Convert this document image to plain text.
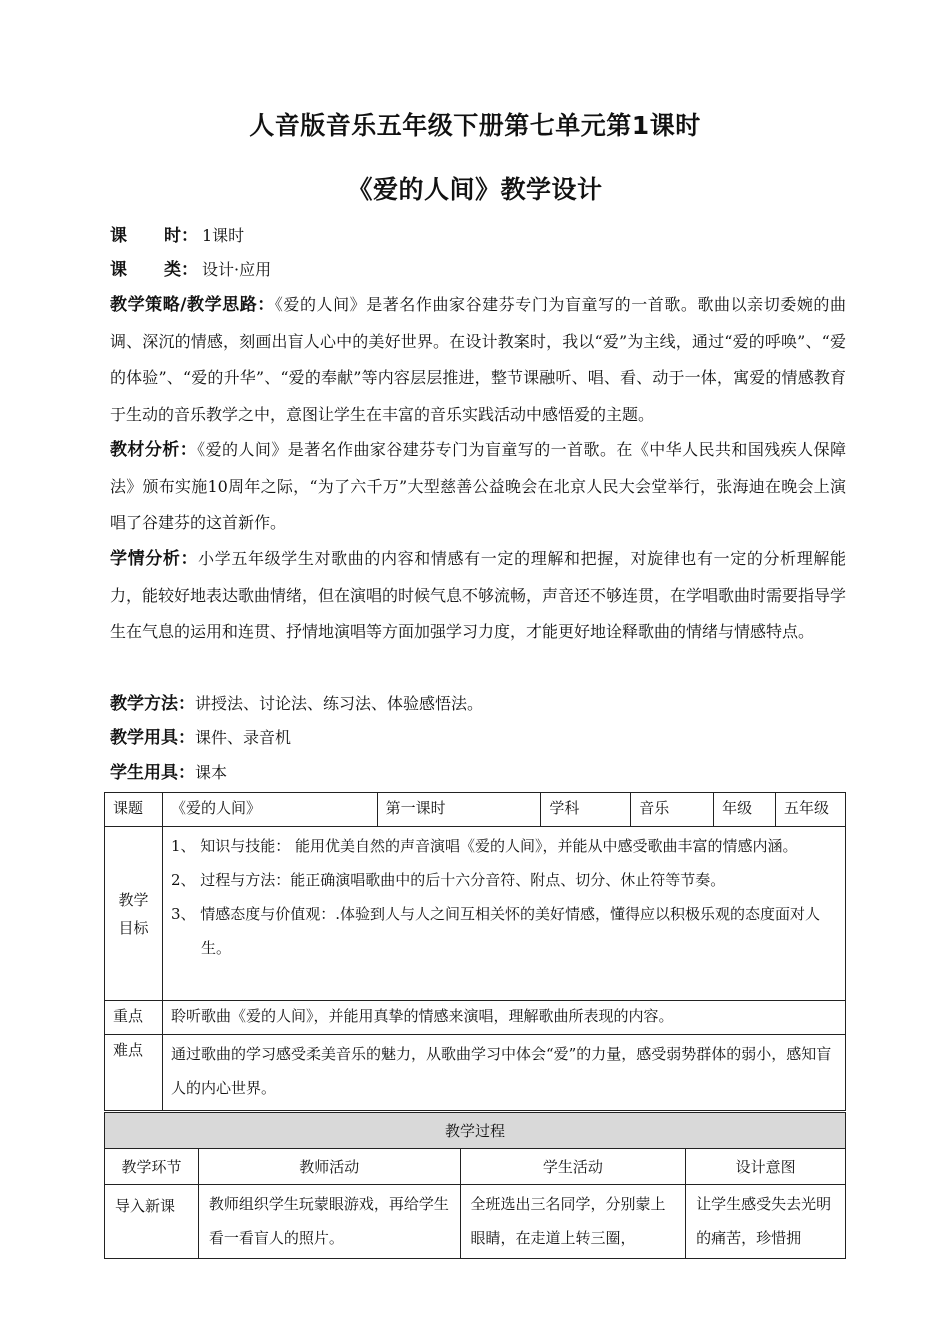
人音版音乐五年级下册第七单元第1课时
《爱的人间》教学设计
课 时： 1课时
课 类： 设计·应用
教学策略/教学思路：《爱的人间》是著名作曲家谷建芬专门为盲童写的一首歌。歌曲以亲切委婉的曲调、深沉的情感，刻画出盲人心中的美好世界。在设计教案时，我以“爱”为主线，通过“爱的呼唤”、“爱的体验”、“爱的升华”、“爱的奉献”等内容层层推进，整节课融听、唱、看、动于一体，寓爱的情感教育于生动的音乐教学之中，意图让学生在丰富的音乐实践活动中感悟爱的主题。
教材分析：《爱的人间》是著名作曲家谷建芬专门为盲童写的一首歌。在《中华人民共和国残疾人保障法》颁布实施10周年之际，“为了六千万”大型慈善公益晚会在北京人民大会堂举行，张海迪在晚会上演唱了谷建芬的这首新作。
学情分析：小学五年级学生对歌曲的内容和情感有一定的理解和把握，对旋律也有一定的分析理解能力，能较好地表达歌曲情绪，但在演唱的时候气息不够流畅，声音还不够连贯，在学唱歌曲时需要指导学生在气息的运用和连贯、抒情地演唱等方面加强学习力度，才能更好地诠释歌曲的情绪与情感特点。
教学方法：讲授法、讨论法、练习法、体验感悟法。
教学用具：课件、录音机
学生用具：课本
课题	《爱的人间》	第一课时	学科	音乐	年级	五年级
教学目标	1、 知识与技能： 能用优美自然的声音演唱《爱的人间》，并能从中感受歌曲丰富的情感内涵。
2、 过程与方法：能正确演唱歌曲中的后十六分音符、附点、切分、休止符等节奏。
3、 情感态度与价值观：.体验到人与人之间互相关怀的美好情感，懂得应以积极乐观的态度面对人生。					

重点	聆听歌曲《爱的人间》，并能用真挚的情感来演唱，理解歌曲所表现的内容。					
难点	通过歌曲的学习感受柔美音乐的魅力，从歌曲学习中体会“爱”的力量，感受弱势群体的弱小，感知盲人的内心世界。					
教学过程			
教学环节	教师活动	学生活动	设计意图
导入新课	教师组织学生玩蒙眼游戏，再给学生看一看盲人的照片。	全班选出三名同学，分别蒙上眼睛，在走道上转三圈，	让学生感受失去光明的痛苦，珍惜拥
